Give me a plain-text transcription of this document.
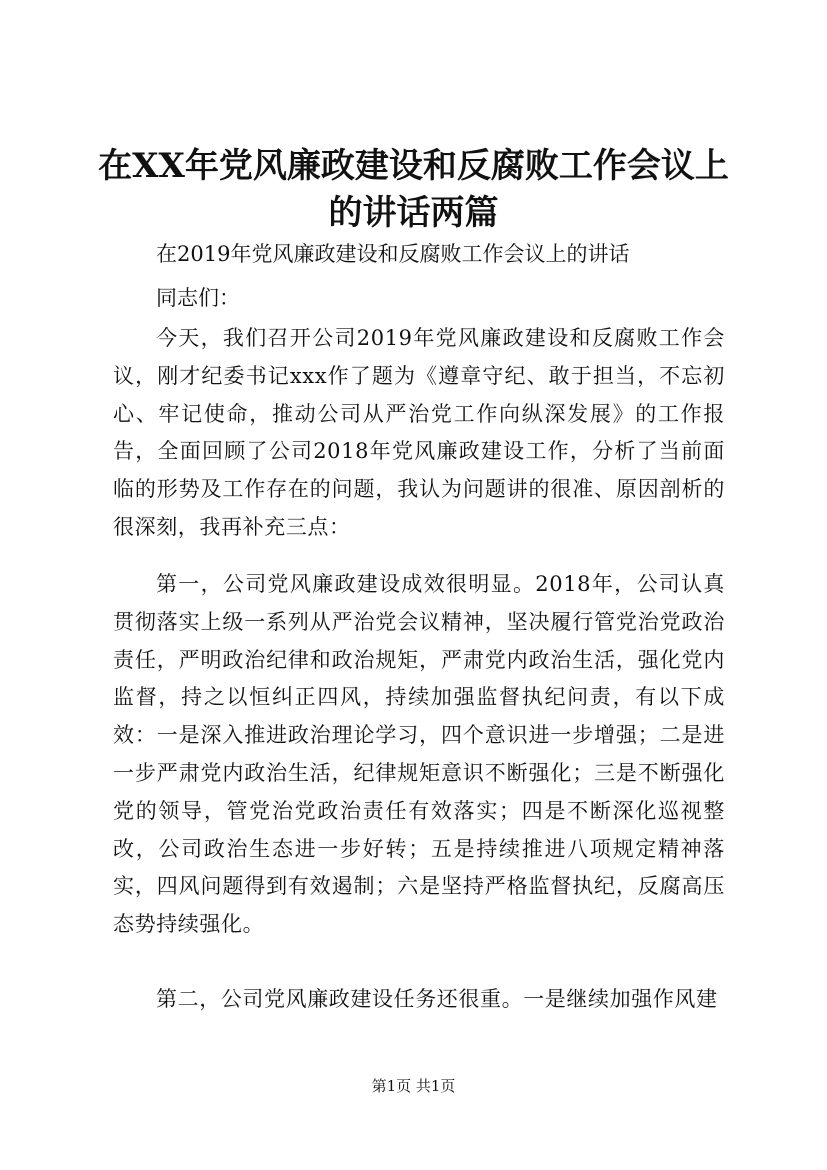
在XX年党风廉政建设和反腐败工作会议上的讲话两篇
在2019年党风廉政建设和反腐败工作会议上的讲话
同志们：
今天，我们召开公司2019年党风廉政建设和反腐败工作会议，刚才纪委书记xxx作了题为《遵章守纪、敢于担当，不忘初心、牢记使命，推动公司从严治党工作向纵深发展》的工作报告，全面回顾了公司2018年党风廉政建设工作，分析了当前面临的形势及工作存在的问题，我认为问题讲的很准、原因剖析的很深刻，我再补充三点：
第一，公司党风廉政建设成效很明显。2018年，公司认真贯彻落实上级一系列从严治党会议精神，坚决履行管党治党政治责任，严明政治纪律和政治规矩，严肃党内政治生活，强化党内监督，持之以恒纠正四风，持续加强监督执纪问责，有以下成效：一是深入推进政治理论学习，四个意识进一步增强；二是进一步严肃党内政治生活，纪律规矩意识不断强化；三是不断强化党的领导，管党治党政治责任有效落实；四是不断深化巡视整改，公司政治生态进一步好转；五是持续推进八项规定精神落实，四风问题得到有效遏制；六是坚持严格监督执纪，反腐高压态势持续强化。
第二，公司党风廉政建设任务还很重。一是继续加强作风建
第1页 共1页
